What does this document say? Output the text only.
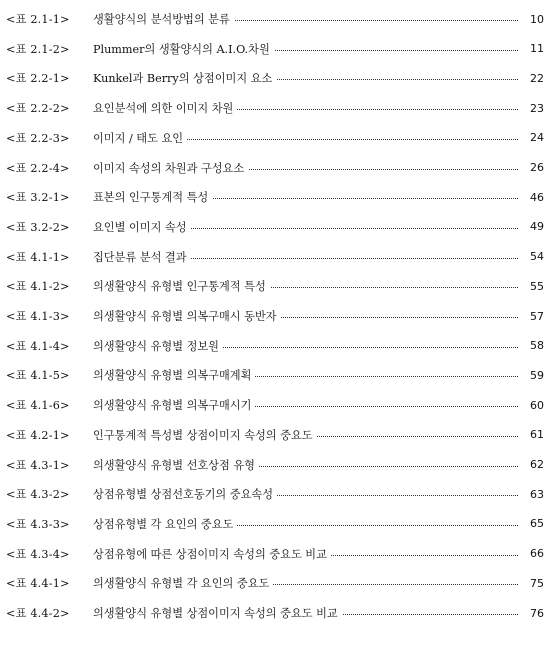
<표 2.1-1>	생활양식의 분석방법의 분류	10
<표 2.1-2>	Plummer의 생활양식의 A.I.O.차원	11
<표 2.2-1>	Kunkel과 Berry의 상점이미지 요소	22
<표 2.2-2>	요인분석에 의한 이미지 차원	23
<표 2.2-3>	이미지 / 태도 요인	24
<표 2.2-4>	이미지 속성의 차원과 구성요소	26
<표 3.2-1>	표본의 인구통계적 특성	46
<표 3.2-2>	요인별 이미지 속성	49
<표 4.1-1>	집단분류 분석 결과	54
<표 4.1-2>	의생활양식 유형별 인구통계적 특성	55
<표 4.1-3>	의생활양식 유형별 의복구매시 동반자	57
<표 4.1-4>	의생활양식 유형별 정보원	58
<표 4.1-5>	의생활양식 유형별 의복구매계획	59
<표 4.1-6>	의생활양식 유형별 의복구매시기	60
<표 4.2-1>	인구통계적 특성별 상점이미지 속성의 중요도	61
<표 4.3-1>	의생활양식 유형별 선호상점 유형	62
<표 4.3-2>	상점유형별 상점선호동기의 중요속성	63
<표 4.3-3>	상점유형별 각 요인의 중요도	65
<표 4.3-4>	상점유형에 따른 상점이미지 속성의 중요도 비교	66
<표 4.4-1>	의생활양식 유형별 각 요인의 중요도	75
<표 4.4-2>	의생활양식 유형별 상점이미지 속성의 중요도 비교	76
